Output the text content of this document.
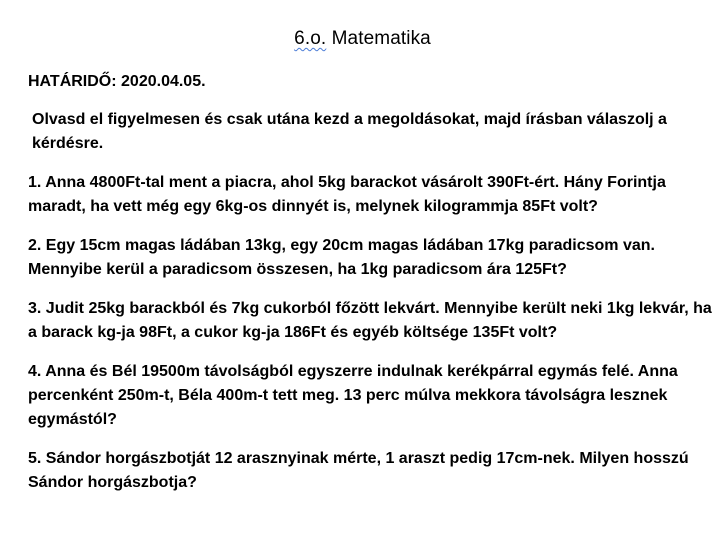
6.o. Matematika

HATÁRIDŐ: 2020.04.05.

Olvasd el figyelmesen és csak utána kezd a megoldásokat, majd írásban válaszolj a kérdésre.

1. Anna 4800Ft-tal ment a piacra, ahol 5kg barackot vásárolt 390Ft-ért. Hány Forintja maradt, ha vett még egy 6kg-os dinnyét is, melynek kilogrammja 85Ft volt?

2. Egy 15cm magas ládában 13kg, egy 20cm magas ládában 17kg paradicsom van. Mennyibe kerül a paradicsom összesen, ha 1kg paradicsom ára 125Ft?

3. Judit 25kg barackból és 7kg cukorból főzött lekvárt. Mennyibe került neki 1kg lekvár, ha a barack kg-ja 98Ft, a cukor kg-ja 186Ft és egyéb költsége 135Ft volt?

4. Anna és Bél 19500m távolságból egyszerre indulnak kerékpárral egymás felé. Anna percenként 250m-t, Béla 400m-t tett meg. 13 perc múlva mekkora távolságra lesznek egymástól?

5. Sándor horgászbotját 12 arasznyinak mérte, 1 araszt pedig 17cm-nek. Milyen hosszú Sándor horgászbotja?
